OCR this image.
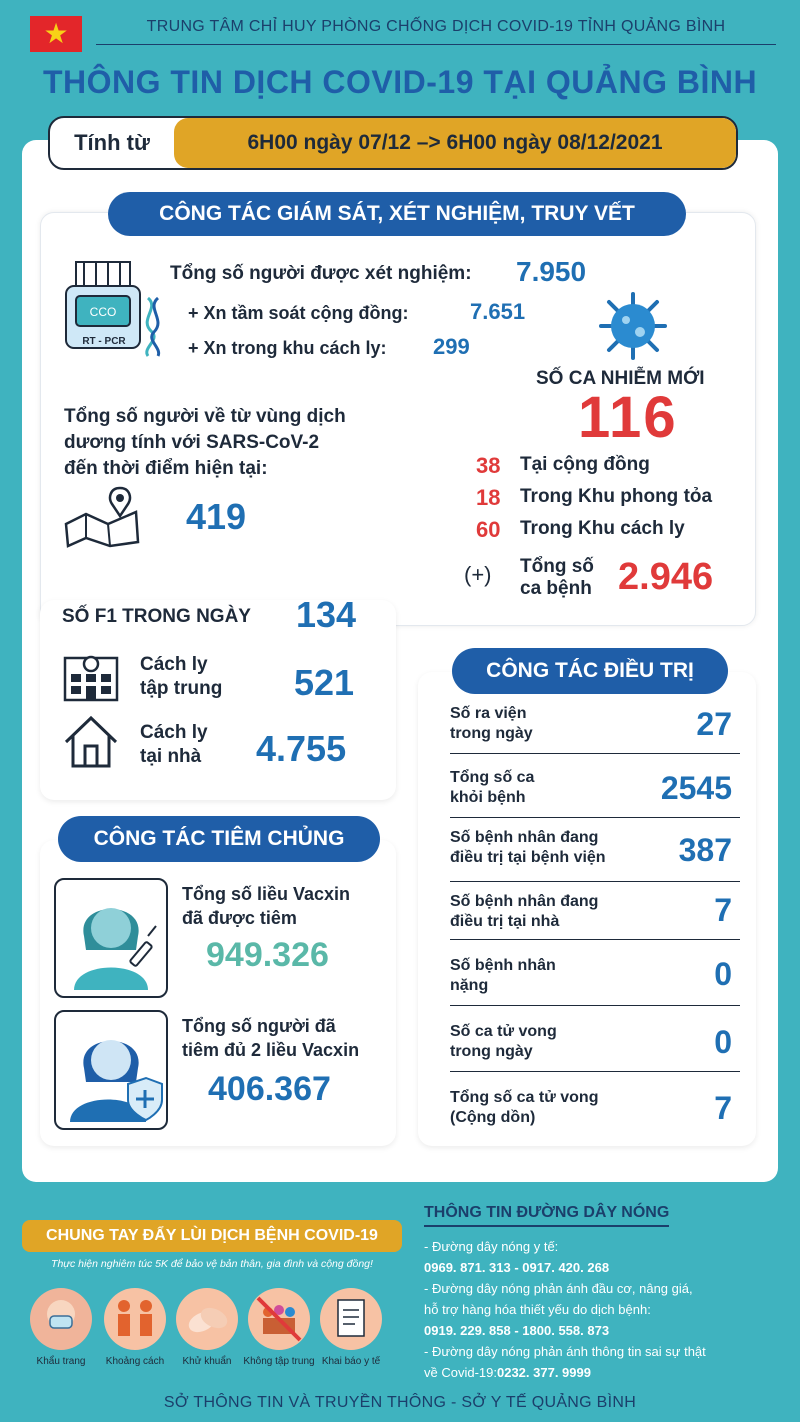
★	TRUNG TÂM CHỈ HUY PHÒNG CHỐNG DỊCH COVID-19 TỈNH QUẢNG BÌNH
THÔNG TIN DỊCH COVID-19 TẠI QUẢNG BÌNH
Tính từ	6H00 ngày 07/12 –> 6H00 ngày 08/12/2021
CÔNG TÁC GIÁM SÁT, XÉT NGHIỆM, TRUY VẾT
CCO
RT - PCR
Tổng số người được xét nghiệm: 7.950
+ Xn tầm soát cộng đồng:	7.651
+ Xn trong khu cách ly: 299
SỐ CA NHIỄM MỚI
116
38 Tại cộng đồng
18 Trong Khu phong tỏa
60 Trong Khu cách ly
(+) Tổng số
ca bệnh 2.946
Tổng số người về từ vùng dịch
dương tính với SARS-CoV-2
đến thời điểm hiện tại:
419
SỐ F1 TRONG NGÀY 134
Cách ly
tập trung 521
Cách ly
tại nhà 4.755
CÔNG TÁC TIÊM CHỦNG
Tổng số liều Vacxin
đã được tiêm
949.326
Tổng số người đã
tiêm đủ 2 liều Vacxin
406.367
CÔNG TÁC ĐIỀU TRỊ
Số ra viện
trong ngày	27
Tổng số ca
khỏi bệnh	2545
Số bệnh nhân đang
điều trị tại bệnh viện 387
Số bệnh nhân đang
điều trị tại nhà	7
Số bệnh nhân
nặng	0
Số ca tử vong
trong ngày	0
Tổng số ca tử vong
(Cộng dồn)	7
CHUNG TAY ĐẨY LÙI DỊCH BỆNH COVID-19
Thực hiện nghiêm túc 5K để bảo vệ bản thân, gia đình và cộng đồng!
Khẩu trang	Khoảng cách	Khử khuẩn	Không tập trung Khai báo y tế
THÔNG TIN ĐƯỜNG DÂY NÓNG
- Đường dây nóng y tế:
0969. 871. 313 - 0917. 420. 268
- Đường dây nóng phản ánh đầu cơ, nâng giá,
hỗ trợ hàng hóa thiết yếu do dịch bệnh:
0919. 229. 858 - 1800. 558. 873
- Đường dây nóng phản ánh thông tin sai sự thật
về Covid-19:0232. 377. 9999
SỞ THÔNG TIN VÀ TRUYỀN THÔNG - SỞ Y TẾ QUẢNG BÌNH
